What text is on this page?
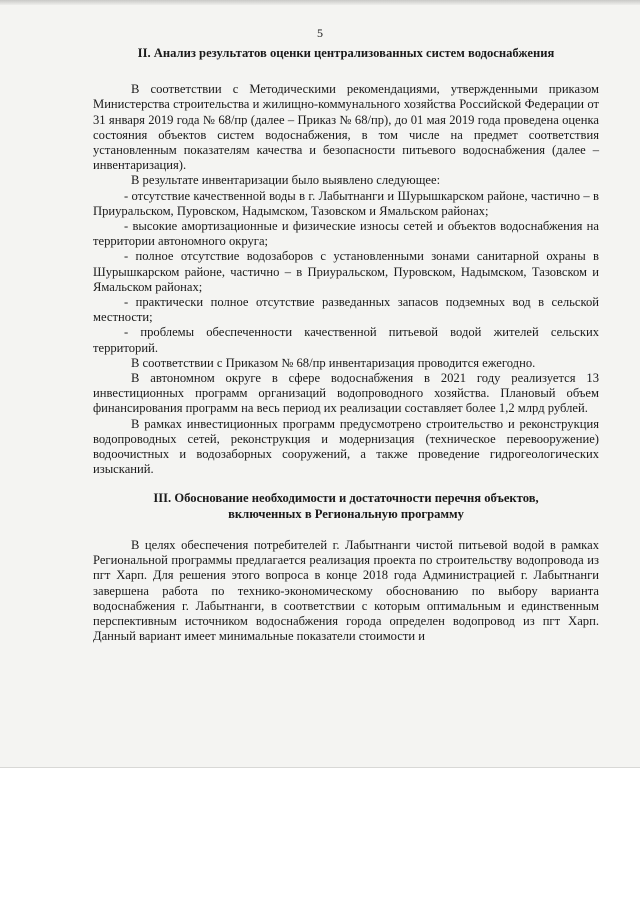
5
II. Анализ результатов оценки централизованных систем водоснабжения

В соответствии с Методическими рекомендациями, утвержденными приказом Министерства строительства и жилищно-коммунального хозяйства Российской Федерации от 31 января 2019 года № 68/пр (далее – Приказ № 68/пр), до 01 мая 2019 года проведена оценка состояния объектов систем водоснабжения, в том числе на предмет соответствия установленным показателям качества и безопасности питьевого водоснабжения (далее – инвентаризация).

В результате инвентаризации было выявлено следующее:

- отсутствие качественной воды в г. Лабытнанги и Шурышкарском районе, частично – в Приуральском, Пуровском, Надымском, Тазовском и Ямальском районах;

- высокие амортизационные и физические износы сетей и объектов водоснабжения на территории автономного округа;

- полное отсутствие водозаборов с установленными зонами санитарной охраны в Шурышкарском районе, частично – в Приуральском, Пуровском, Надымском, Тазовском и Ямальском районах;

- практически полное отсутствие разведанных запасов подземных вод в сельской местности;

- проблемы обеспеченности качественной питьевой водой жителей сельских территорий.

В соответствии с Приказом № 68/пр инвентаризация проводится ежегодно.

В автономном округе в сфере водоснабжения в 2021 году реализуется 13 инвестиционных программ организаций водопроводного хозяйства. Плановый объем финансирования программ на весь период их реализации составляет более 1,2 млрд рублей.

В рамках инвестиционных программ предусмотрено строительство и реконструкция водопроводных сетей, реконструкция и модернизация (техническое перевооружение) водоочистных и водозаборных сооружений, а также проведение гидрогеологических изысканий.

III. Обоснование необходимости и достаточности перечня объектов,
включенных в Региональную программу

В целях обеспечения потребителей г. Лабытнанги чистой питьевой водой в рамках Региональной программы предлагается реализация проекта по строительству водопровода из пгт Харп. Для решения этого вопроса в конце 2018 года Администрацией г. Лабытнанги завершена работа по технико-экономическому обоснованию по выбору варианта водоснабжения г. Лабытнанги, в соответствии с которым оптимальным и единственным перспективным источником водоснабжения города определен водопровод из пгт Харп. Данный вариант имеет минимальные показатели стоимости и
